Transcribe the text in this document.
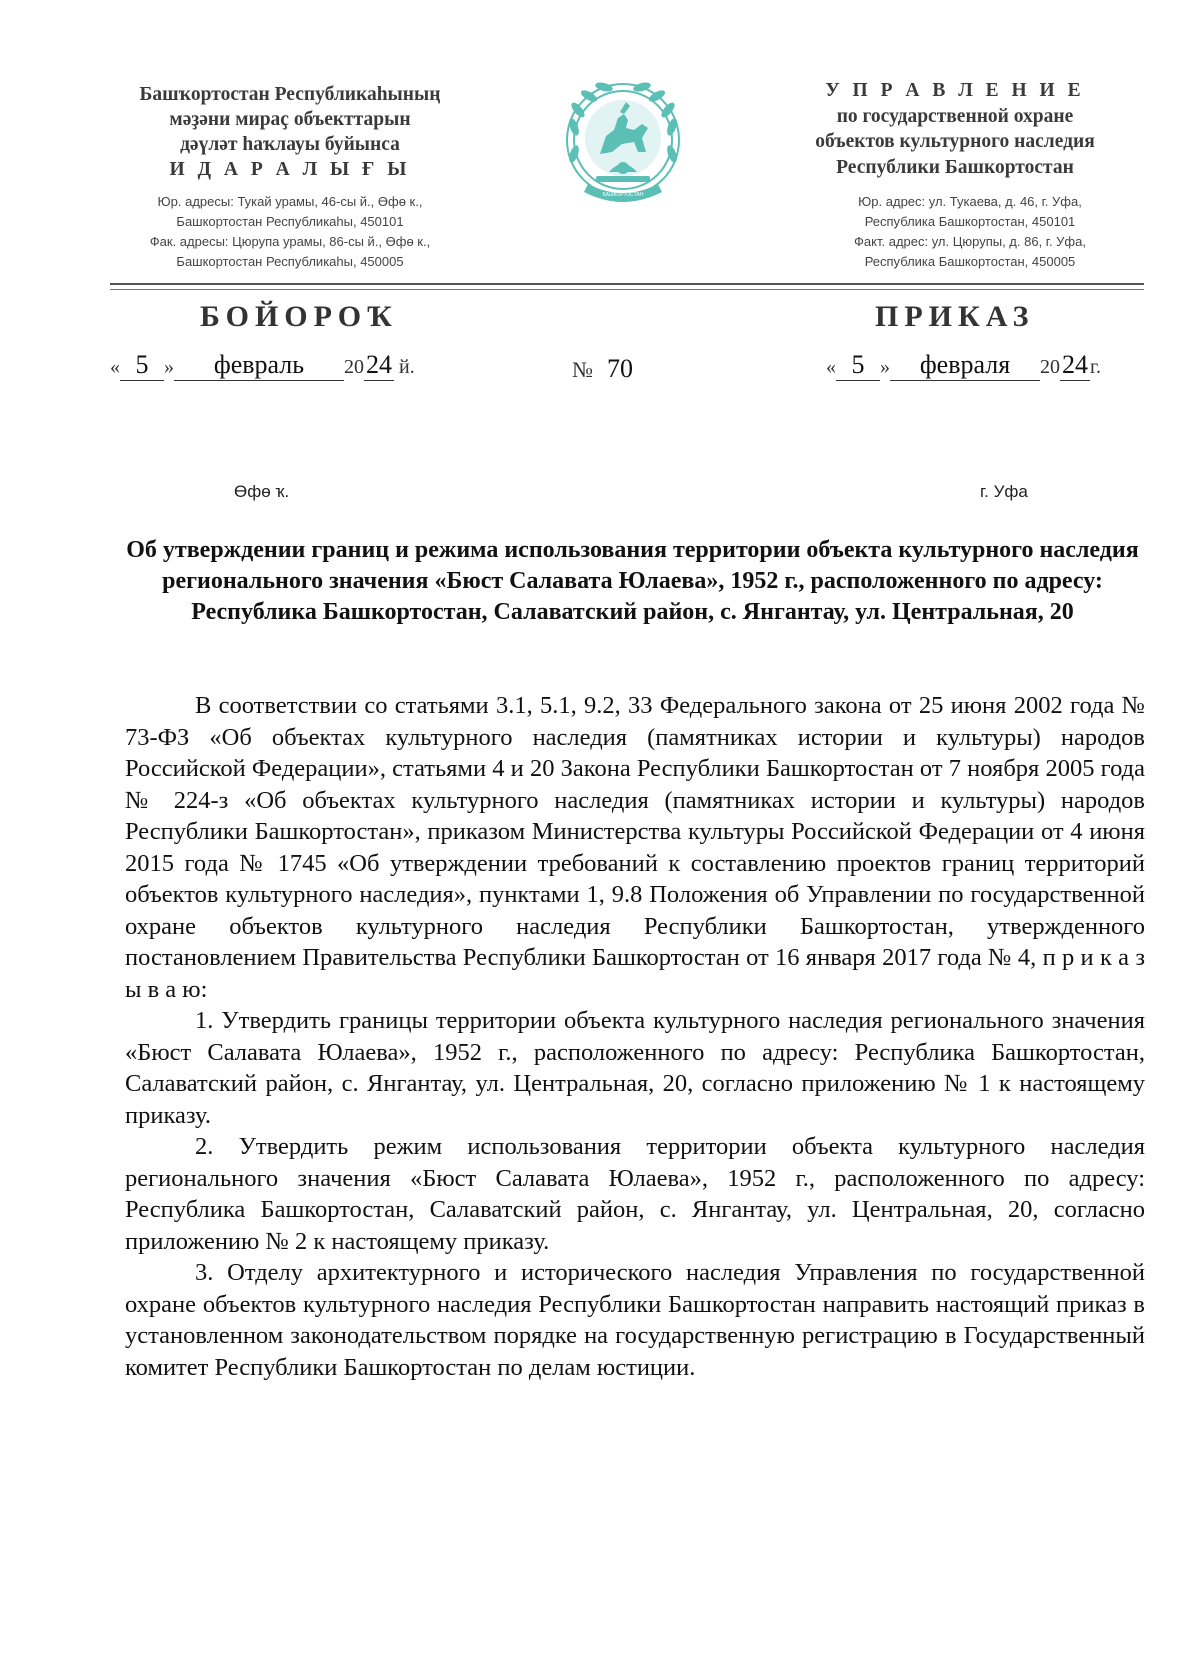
Башҡортостан Республикаһының
мәҙәни мираҫ объекттарын
дәүләт һаҡлауы буйынса
И Д А Р А Л Ы Ғ Ы
Юр. адресы: Тукай урамы, 46-сы й., Өфө к.,
Башкортостан Республикаһы, 450101
Фак. адресы: Цюрупа урамы, 86-сы й., Өфө к.,
Башкортостан Республикаһы, 450005
БАШКОРТОСТАН
У П Р А В Л Е Н И Е
по государственной охране
объектов культурного наследия
Республики Башкортостан
Юр. адрес: ул. Тукаева, д. 46, г. Уфа,
Республика Башкортостан, 450101
Факт. адрес: ул. Цюрупы, д. 86, г. Уфа,
Республика Башкортостан, 450005
БОЙОРОҠ	ПРИКАЗ
« 5 » февраль 2024 й.	№ 70	« 5 » февраля 2024 г.
Өфө ҡ.	г. Уфа
Об утверждении границ и режима использования территории объекта культурного наследия регионального значения «Бюст Салавата Юлаева», 1952 г., расположенного по адресу: Республика Башкортостан, Салаватский район, с. Янгантау, ул. Центральная, 20

В соответствии со статьями 3.1, 5.1, 9.2, 33 Федерального закона от 25 июня 2002 года № 73-ФЗ «Об объектах культурного наследия (памятниках истории и культуры) народов Российской Федерации», статьями 4 и 20 Закона Республики Башкортостан от 7 ноября 2005 года № 224-з «Об объектах культурного наследия (памятниках истории и культуры) народов Республики Башкортостан», приказом Министерства культуры Российской Федерации от 4 июня 2015 года № 1745 «Об утверждении требований к составлению проектов границ территорий объектов культурного наследия», пунктами 1, 9.8 Положения об Управлении по государственной охране объектов культурного наследия Республики Башкортостан, утвержденного постановлением Правительства Республики Башкортостан от 16 января 2017 года № 4, п р и к а з ы в а ю:

1. Утвердить границы территории объекта культурного наследия регионального значения «Бюст Салавата Юлаева», 1952 г., расположенного по адресу: Республика Башкортостан, Салаватский район, с. Янгантау, ул. Центральная, 20, согласно приложению № 1 к настоящему приказу.

2. Утвердить режим использования территории объекта культурного наследия регионального значения «Бюст Салавата Юлаева», 1952 г., расположенного по адресу: Республика Башкортостан, Салаватский район, с. Янгантау, ул. Центральная, 20, согласно приложению № 2 к настоящему приказу.

3. Отделу архитектурного и исторического наследия Управления по государственной охране объектов культурного наследия Республики Башкортостан направить настоящий приказ в установленном законодательством порядке на государственную регистрацию в Государственный комитет Республики Башкортостан по делам юстиции.
